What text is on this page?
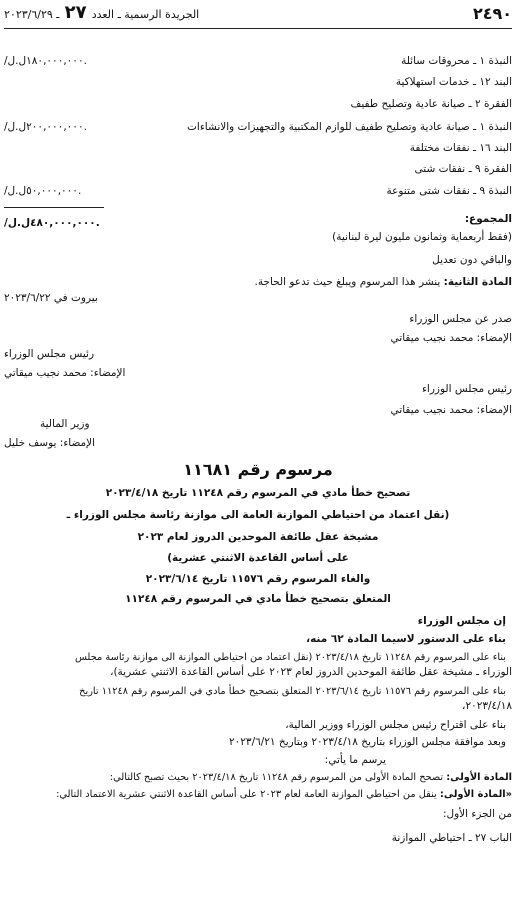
٢٤٩٠
الجريدة الرسمية ـ العدد ٢٧ ـ ٢٠٢٣/٦/٢٩
النبذة ١ ـ محروقات سائلة
/١٨٠,٠٠٠,٠٠٠ل.ل.
البند ١٢ ـ خدمات استهلاكية
الفقرة ٢ ـ صيانة عادية وتصليح طفيف
النبذة ١ ـ صيانة عادية وتصليح طفيف للوازم المكتبية والتجهيزات والانشاءات
/٢٠٠,٠٠٠,٠٠٠ل.ل.
البند ١٦ ـ نفقات مختلفة
الفقرة ٩ ـ نفقات شتى
النبذة ٩ ـ نفقات شتى متنوعة
/٥٠,٠٠٠,٠٠٠ل.ل.
المجموع:
/٤٨٠,٠٠٠,٠٠٠ل.ل.
(فقط أربعماية وثمانون مليون ليرة لبنانية)
والباقي دون تعديل
المادة الثانية: ينشر هذا المرسوم ويبلغ حيث تدعو الحاجة.
بيروت في ٢٠٢٣/٦/٢٢
صدر عن مجلس الوزراء
الإمضاء: محمد نجيب ميقاتي
رئيس مجلس الوزراء
الإمضاء: محمد نجيب ميقاتي
رئيس مجلس الوزراء
الإمضاء: محمد نجيب ميقاتي
وزير المالية
الإمضاء: يوسف خليل
مرسوم رقم ١١٦٨١
تصحيح خطأ مادي في المرسوم رقم ١١٢٤٨ تاريخ ٢٠٢٣/٤/١٨
(نقل اعتماد من احتياطي الموازنة العامة الى موازنة رئاسة مجلس الوزراء ـ
مشيخة عقل طائفة الموحدين الدروز لعام ٢٠٢٣
على أساس القاعدة الاثنتي عشرية)
والغاء المرسوم رقم ١١٥٧٦ تاريخ ٢٠٢٣/٦/١٤
المتعلق بتصحيح خطأ مادي في المرسوم رقم ١١٢٤٨
إن مجلس الوزراء
بناء على الدستور لاسيما المادة ٦٢ منه،
بناء على المرسوم رقم ١١٢٤٨ تاريخ ٢٠٢٣/٤/١٨ (نقل اعتماد من احتياطي الموازنة الى موازنة رئاسة مجلس
الوزراء ـ مشيخة عقل طائفة الموحدين الدروز لعام ٢٠٢٣ على أساس القاعدة الاثنتي عشرية)،
بناء على المرسوم رقم ١١٥٧٦ تاريخ ٢٠٢٣/٦/١٤ المتعلق بتصحيح خطأ مادي في المرسوم رقم ١١٢٤٨ تاريخ
٢٠٢٣/٤/١٨،
بناء على اقتراح رئيس مجلس الوزراء ووزير المالية،
وبعد موافقة مجلس الوزراء بتاريخ ٢٠٢٣/٤/١٨ وبتاريخ ٢٠٢٣/٦/٢١
يرسم ما يأتي:
المادة الأولى: تصحح المادة الأولى من المرسوم رقم ١١٢٤٨ تاريخ ٢٠٢٣/٤/١٨ بحيث تصبح كالتالي:
«المادة الأولى: ينقل من احتياطي الموازنة العامة لعام ٢٠٢٣ على أساس القاعدة الاثنتي عشرية الاعتماد التالي:
من الجزء الأول:
الباب ٢٧ ـ احتياطي الموازنة
